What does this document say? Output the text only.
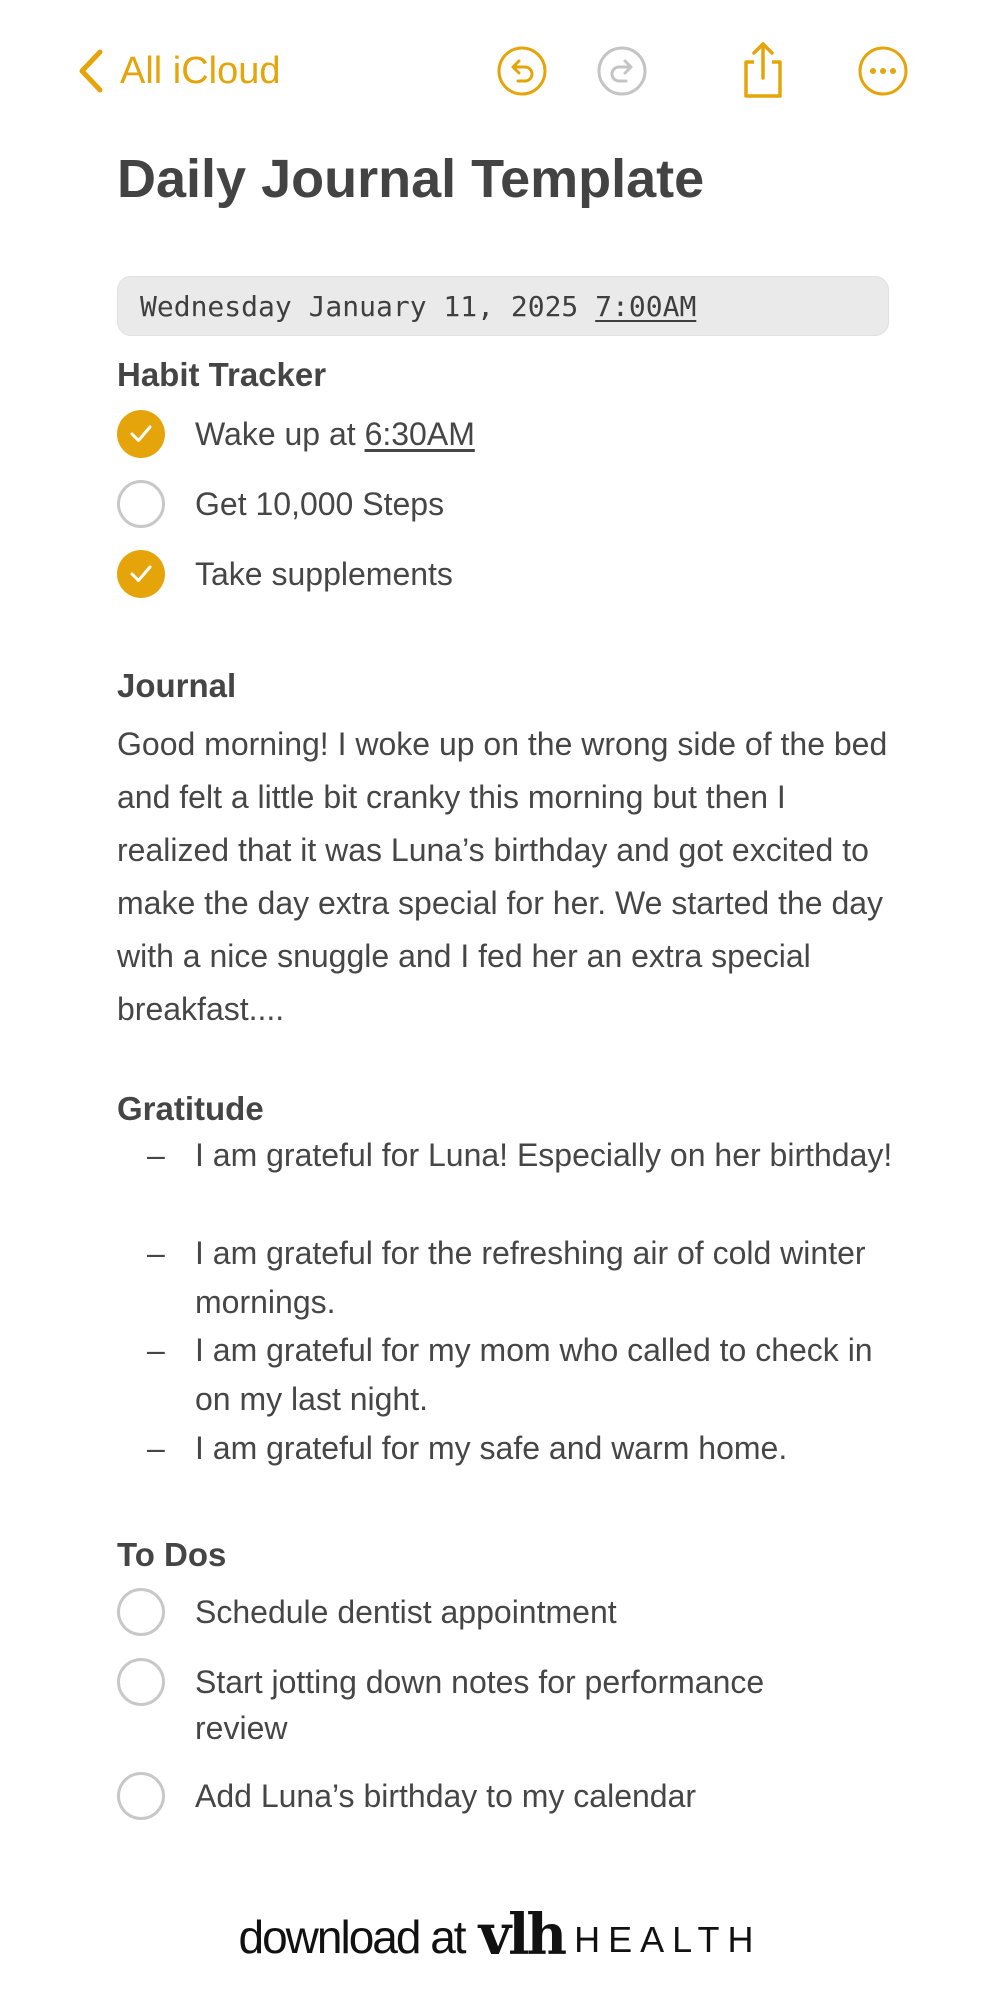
All iCloud
Daily Journal Template
Wednesday January 11, 2025
7:00AM
Habit Tracker
Wake up at 6:30AM
Get 10,000 Steps
Take supplements
Journal
Good morning! I woke up on the wrong side of the bed and felt a little bit cranky this morning but then I realized that it was Luna’s birthday and got excited to make the day extra special for her. We started the day with a nice snuggle and I fed her an extra special breakfast....
Gratitude
– I am grateful for Luna! Especially on her birthday!
– I am grateful for the refreshing air of cold winter mornings.
– I am grateful for my mom who called to check in on my last night.
– I am grateful for my safe and warm home.
To Dos
Schedule dentist appointment
Start jotting down notes for performance review
Add Luna’s birthday to my calendar
download at vlh HEALTH
